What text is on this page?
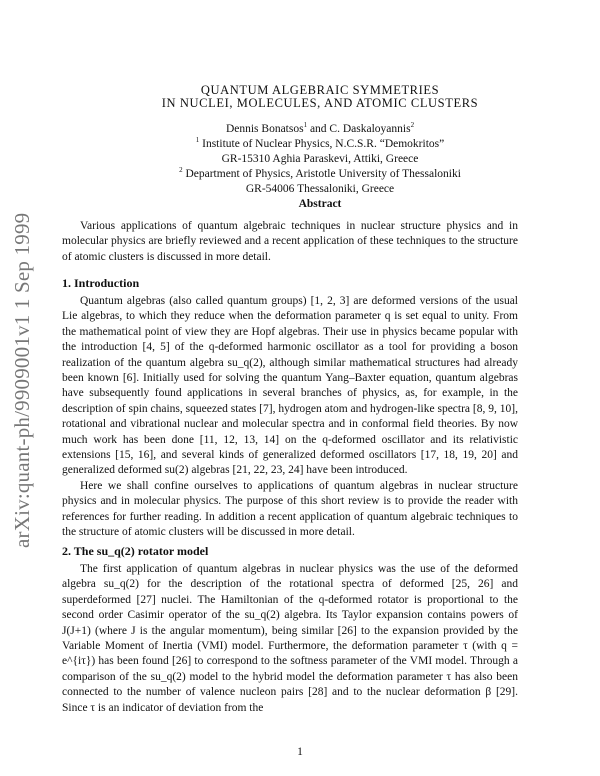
arXiv:quant-ph/9909001v1 1 Sep 1999
QUANTUM ALGEBRAIC SYMMETRIES
IN NUCLEI, MOLECULES, AND ATOMIC CLUSTERS
Dennis Bonatsos$^1$ and C. Daskaloyannis$^2$
$^1$ Institute of Nuclear Physics, N.C.S.R. “Demokritos”
GR-15310 Aghia Paraskevi, Attiki, Greece
$^2$ Department of Physics, Aristotle University of Thessaloniki
GR-54006 Thessaloniki, Greece
Abstract

Various applications of quantum algebraic techniques in nuclear structure physics and in molecular physics are briefly reviewed and a recent application of these techniques to the structure of atomic clusters is discussed in more detail.

1. Introduction

Quantum algebras (also called quantum groups) [1, 2, 3] are deformed versions of the usual Lie algebras, to which they reduce when the deformation parameter q is set equal to unity. From the mathematical point of view they are Hopf algebras. Their use in physics became popular with the introduction [4, 5] of the q-deformed harmonic oscillator as a tool for providing a boson realization of the quantum algebra su_q(2), although similar mathematical structures had already been known [6]. Initially used for solving the quantum Yang–Baxter equation, quantum algebras have subsequently found applications in several branches of physics, as, for example, in the description of spin chains, squeezed states [7], hydrogen atom and hydrogen-like spectra [8, 9, 10], rotational and vibrational nuclear and molecular spectra and in conformal field theories. By now much work has been done [11, 12, 13, 14] on the q-deformed oscillator and its relativistic extensions [15, 16], and several kinds of generalized deformed oscillators [17, 18, 19, 20] and generalized deformed su(2) algebras [21, 22, 23, 24] have been introduced.

Here we shall confine ourselves to applications of quantum algebras in nuclear structure physics and in molecular physics. The purpose of this short review is to provide the reader with references for further reading. In addition a recent application of quantum algebraic techniques to the structure of atomic clusters will be discussed in more detail.

2. The su_q(2) rotator model

The first application of quantum algebras in nuclear physics was the use of the deformed algebra su_q(2) for the description of the rotational spectra of deformed [25, 26] and superdeformed [27] nuclei. The Hamiltonian of the q-deformed rotator is proportional to the second order Casimir operator of the su_q(2) algebra. Its Taylor expansion contains powers of J(J+1) (where J is the angular momentum), being similar [26] to the expansion provided by the Variable Moment of Inertia (VMI) model. Furthermore, the deformation parameter τ (with q = e^{iτ}) has been found [26] to correspond to the softness parameter of the VMI model. Through a comparison of the su_q(2) model to the hybrid model the deformation parameter τ has also been connected to the number of valence nucleon pairs [28] and to the nuclear deformation β [29]. Since τ is an indicator of deviation from the

1
